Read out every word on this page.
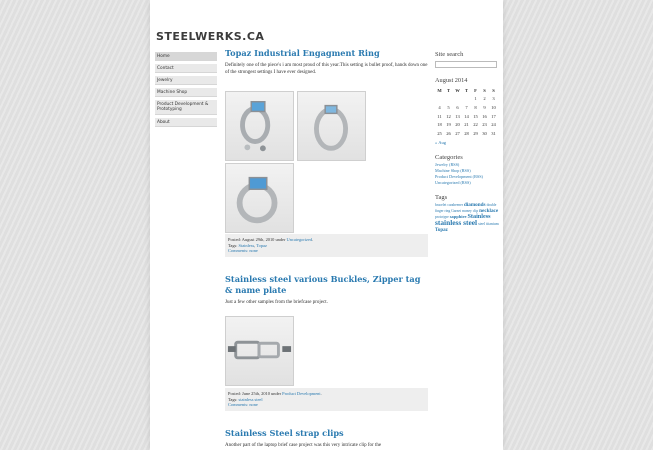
STEELWERKS.CA
Home
Contact
Jewelry
Machine Shop
Product Development & Prototyping
About
Topaz Industrial Engagment Ring
Definitely one of the piece's i am most proud of this year.This setting is bullet proof, hands down one of the strongest settings I have ever designed.
Posted: August 29th, 2010 under Uncategorized.
Tags: Stainless, Topaz
Comments: none
Stainless steel various Buckles, Zipper tag & name plate
Just a few other samples from the briefcase project.
Posted: June 25th, 2010 under Product Development.
Tags: stainless steel
Comments: none
Stainless Steel strap clips
Another part of the laptop brief case project was this very intricate clip for the
Site search
August 2014
M	T	W	T	F	S	S
				1	2	3
4	5	6	7	8	9	10
11	12	13	14	15	16	17
18	19	20	21	22	23	24
25	26	27	28	29	30	31
« Aug
Categories
Jewelry (RSS)
Machine Shop (RSS)
Product Development (RSS)
Uncategorized (RSS)
Tags
bracelet carabeener diamonds double finger ring Garnet money clip necklace prototype sapphire Stainless stainless steel steel titanium Topaz
